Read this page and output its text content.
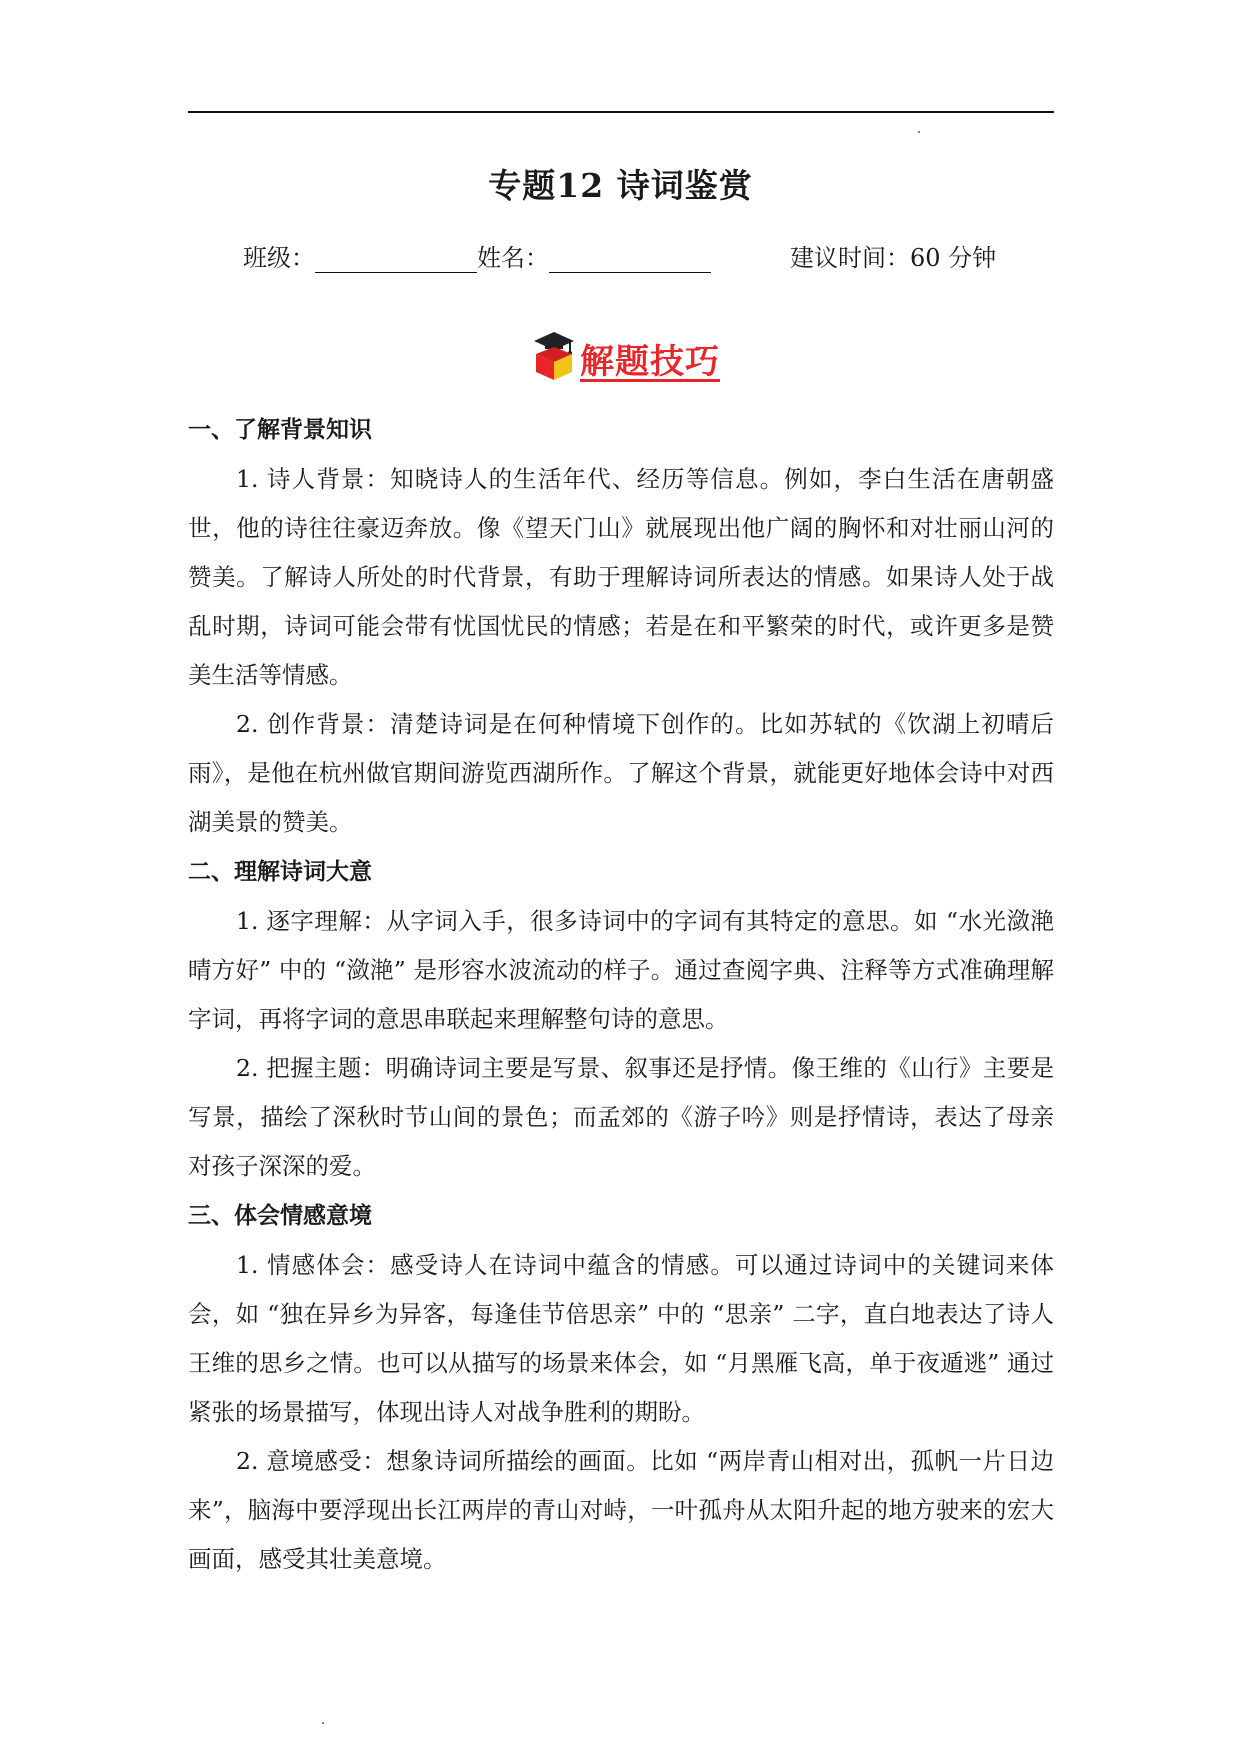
专题12 诗词鉴赏
班级：	姓名：	建议时间：60 分钟
解题技巧

一、了解背景知识

1. 诗人背景：知晓诗人的生活年代、经历等信息。例如，李白生活在唐朝盛世，他的诗往往豪迈奔放。像《望天门山》就展现出他广阔的胸怀和对壮丽山河的赞美。了解诗人所处的时代背景，有助于理解诗词所表达的情感。如果诗人处于战乱时期，诗词可能会带有忧国忧民的情感；若是在和平繁荣的时代，或许更多是赞美生活等情感。

2. 创作背景：清楚诗词是在何种情境下创作的。比如苏轼的《饮湖上初晴后雨》，是他在杭州做官期间游览西湖所作。了解这个背景，就能更好地体会诗中对西湖美景的赞美。

二、理解诗词大意

1. 逐字理解：从字词入手，很多诗词中的字词有其特定的意思。如 “水光潋滟晴方好” 中的 “潋滟” 是形容水波流动的样子。通过查阅字典、注释等方式准确理解字词，再将字词的意思串联起来理解整句诗的意思。

2. 把握主题：明确诗词主要是写景、叙事还是抒情。像王维的《山行》主要是写景，描绘了深秋时节山间的景色；而孟郊的《游子吟》则是抒情诗，表达了母亲对孩子深深的爱。

三、体会情感意境

1. 情感体会：感受诗人在诗词中蕴含的情感。可以通过诗词中的关键词来体会，如 “独在异乡为异客，每逢佳节倍思亲” 中的 “思亲” 二字，直白地表达了诗人王维的思乡之情。也可以从描写的场景来体会，如 “月黑雁飞高，单于夜遁逃” 通过紧张的场景描写，体现出诗人对战争胜利的期盼。

2. 意境感受：想象诗词所描绘的画面。比如 “两岸青山相对出，孤帆一片日边来”，脑海中要浮现出长江两岸的青山对峙，一叶孤舟从太阳升起的地方驶来的宏大画面，感受其壮美意境。
